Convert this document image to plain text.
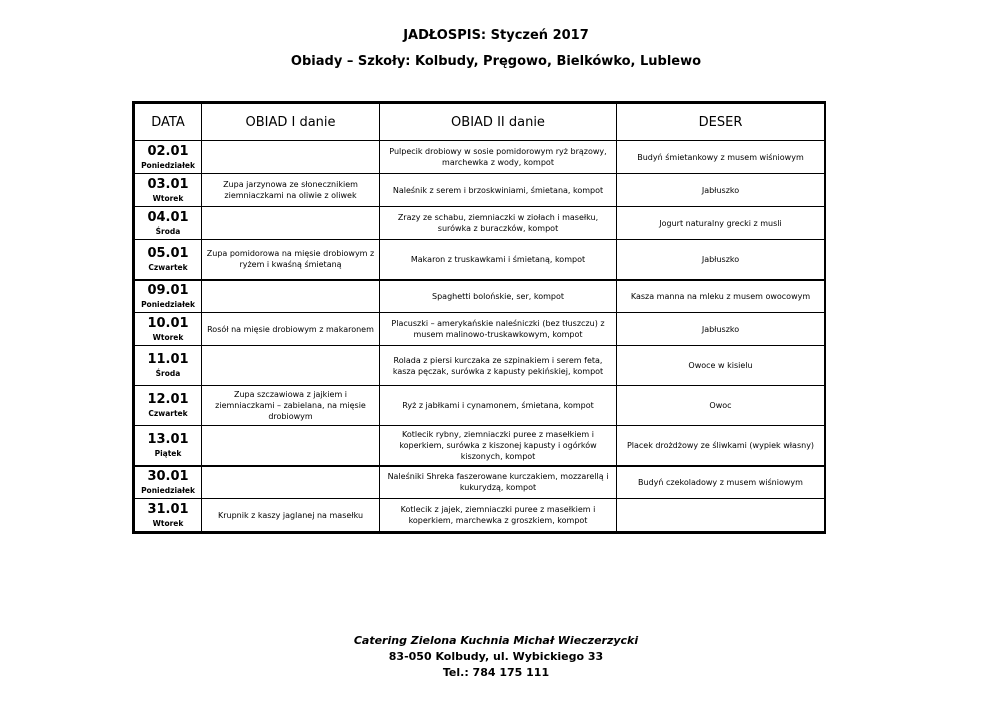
JADŁOSPIS: Styczeń 2017
Obiady – Szkoły: Kolbudy, Pręgowo, Bielkówko, Lublewo
DATA	OBIAD I danie	OBIAD II danie	DESER

02.01
Poniedziałek		Pulpecik drobiowy w sosie pomidorowym ryż brązowy, marchewka z wody, kompot	Budyń śmietankowy z musem wiśniowym

03.01
Wtorek	Zupa jarzynowa ze słonecznikiem ziemniaczkami na oliwie z oliwek	Naleśnik z serem i brzoskwiniami, śmietana, kompot	Jabłuszko

04.01
Środa		Zrazy ze schabu, ziemniaczki w ziołach i masełku, surówka z buraczków, kompot	Jogurt naturalny grecki z musli

05.01
Czwartek	Zupa pomidorowa na mięsie drobiowym z ryżem i kwaśną śmietaną	Makaron z truskawkami i śmietaną, kompot	Jabłuszko

09.01
Poniedziałek		Spaghetti bolońskie, ser, kompot	Kasza manna na mleku z musem owocowym

10.01
Wtorek	Rosół na mięsie drobiowym z makaronem	Placuszki – amerykańskie naleśniczki (bez tłuszczu) z musem malinowo-truskawkowym, kompot	Jabłuszko

11.01
Środa		Rolada z piersi kurczaka ze szpinakiem i serem feta, kasza pęczak, surówka z kapusty pekińskiej, kompot	Owoce w kisielu

12.01
Czwartek	Zupa szczawiowa z jajkiem i ziemniaczkami – zabielana, na mięsie drobiowym	Ryż z jabłkami i cynamonem, śmietana, kompot	Owoc

13.01
Piątek		Kotlecik rybny, ziemniaczki puree z masełkiem i koperkiem, surówka z kiszonej kapusty i ogórków kiszonych, kompot	Placek drożdżowy ze śliwkami (wypiek własny)

30.01
Poniedziałek		Naleśniki Shreka faszerowane kurczakiem, mozzarellą i kukurydzą, kompot	Budyń czekoladowy z musem wiśniowym

31.01
Wtorek	Krupnik z kaszy jaglanej na masełku	Kotlecik z jajek, ziemniaczki puree z masełkiem i koperkiem, marchewka z groszkiem, kompot	
Catering Zielona Kuchnia Michał Wieczerzycki
83-050 Kolbudy, ul. Wybickiego 33
Tel.: 784 175 111
